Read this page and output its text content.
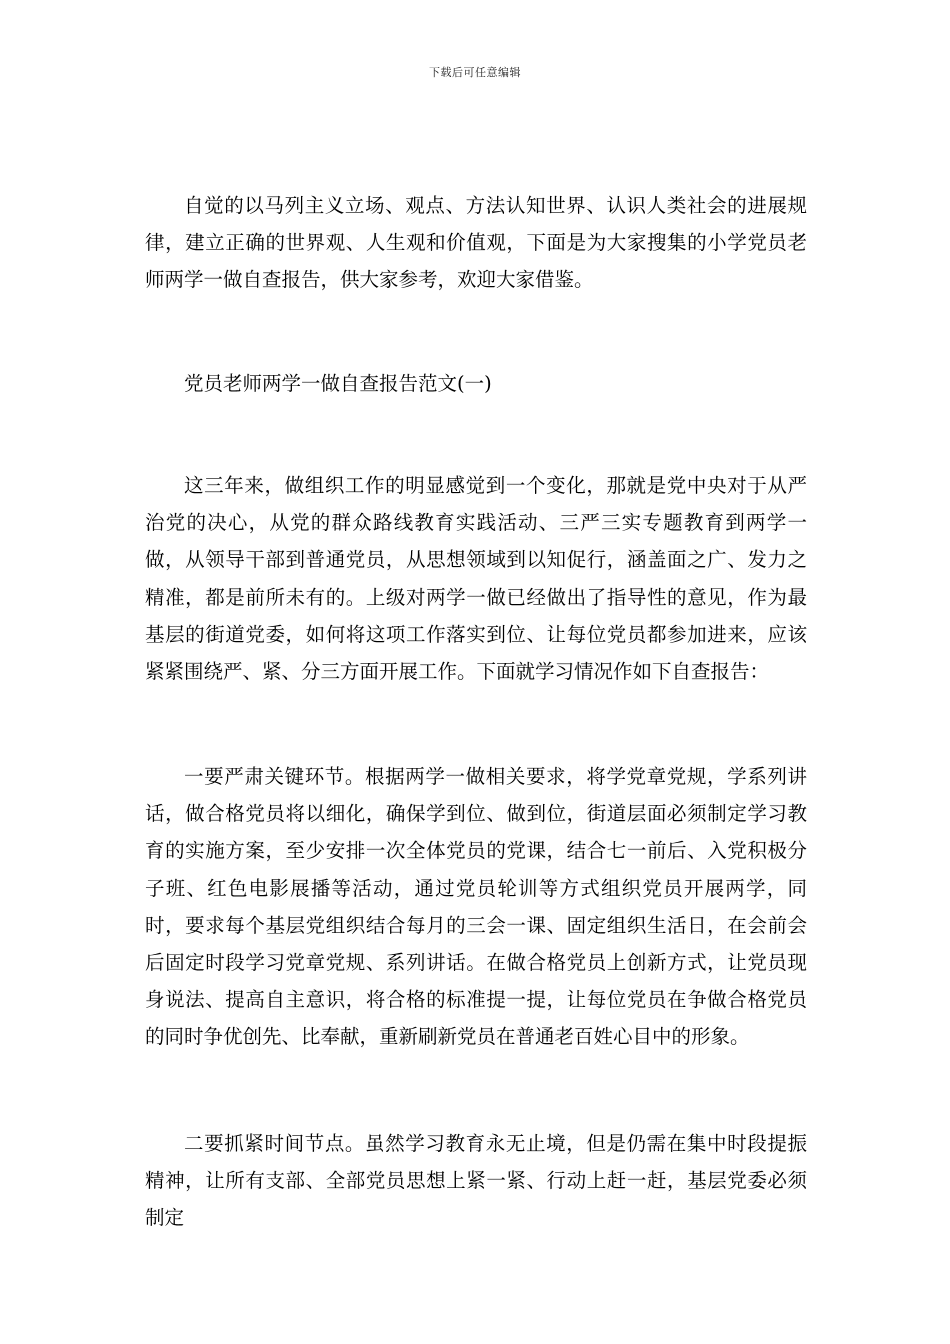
下载后可任意编辑

自觉的以马列主义立场、观点、方法认知世界、认识人类社会的进展规律，建立正确的世界观、人生观和价值观，下面是为大家搜集的小学党员老师两学一做自查报告，供大家参考，欢迎大家借鉴。

党员老师两学一做自查报告范文(一)

这三年来，做组织工作的明显感觉到一个变化，那就是党中央对于从严治党的决心，从党的群众路线教育实践活动、三严三实专题教育到两学一做，从领导干部到普通党员，从思想领域到以知促行，涵盖面之广、发力之精准，都是前所未有的。上级对两学一做已经做出了指导性的意见，作为最基层的街道党委，如何将这项工作落实到位、让每位党员都参加进来，应该紧紧围绕严、紧、分三方面开展工作。下面就学习情况作如下自查报告：

一要严肃关键环节。根据两学一做相关要求，将学党章党规，学系列讲话，做合格党员将以细化，确保学到位、做到位，街道层面必须制定学习教育的实施方案，至少安排一次全体党员的党课，结合七一前后、入党积极分子班、红色电影展播等活动，通过党员轮训等方式组织党员开展两学，同时，要求每个基层党组织结合每月的三会一课、固定组织生活日，在会前会后固定时段学习党章党规、系列讲话。在做合格党员上创新方式，让党员现身说法、提高自主意识，将合格的标准提一提，让每位党员在争做合格党员的同时争优创先、比奉献，重新刷新党员在普通老百姓心目中的形象。

二要抓紧时间节点。虽然学习教育永无止境，但是仍需在集中时段提振精神，让所有支部、全部党员思想上紧一紧、行动上赶一赶，基层党委必须制定
